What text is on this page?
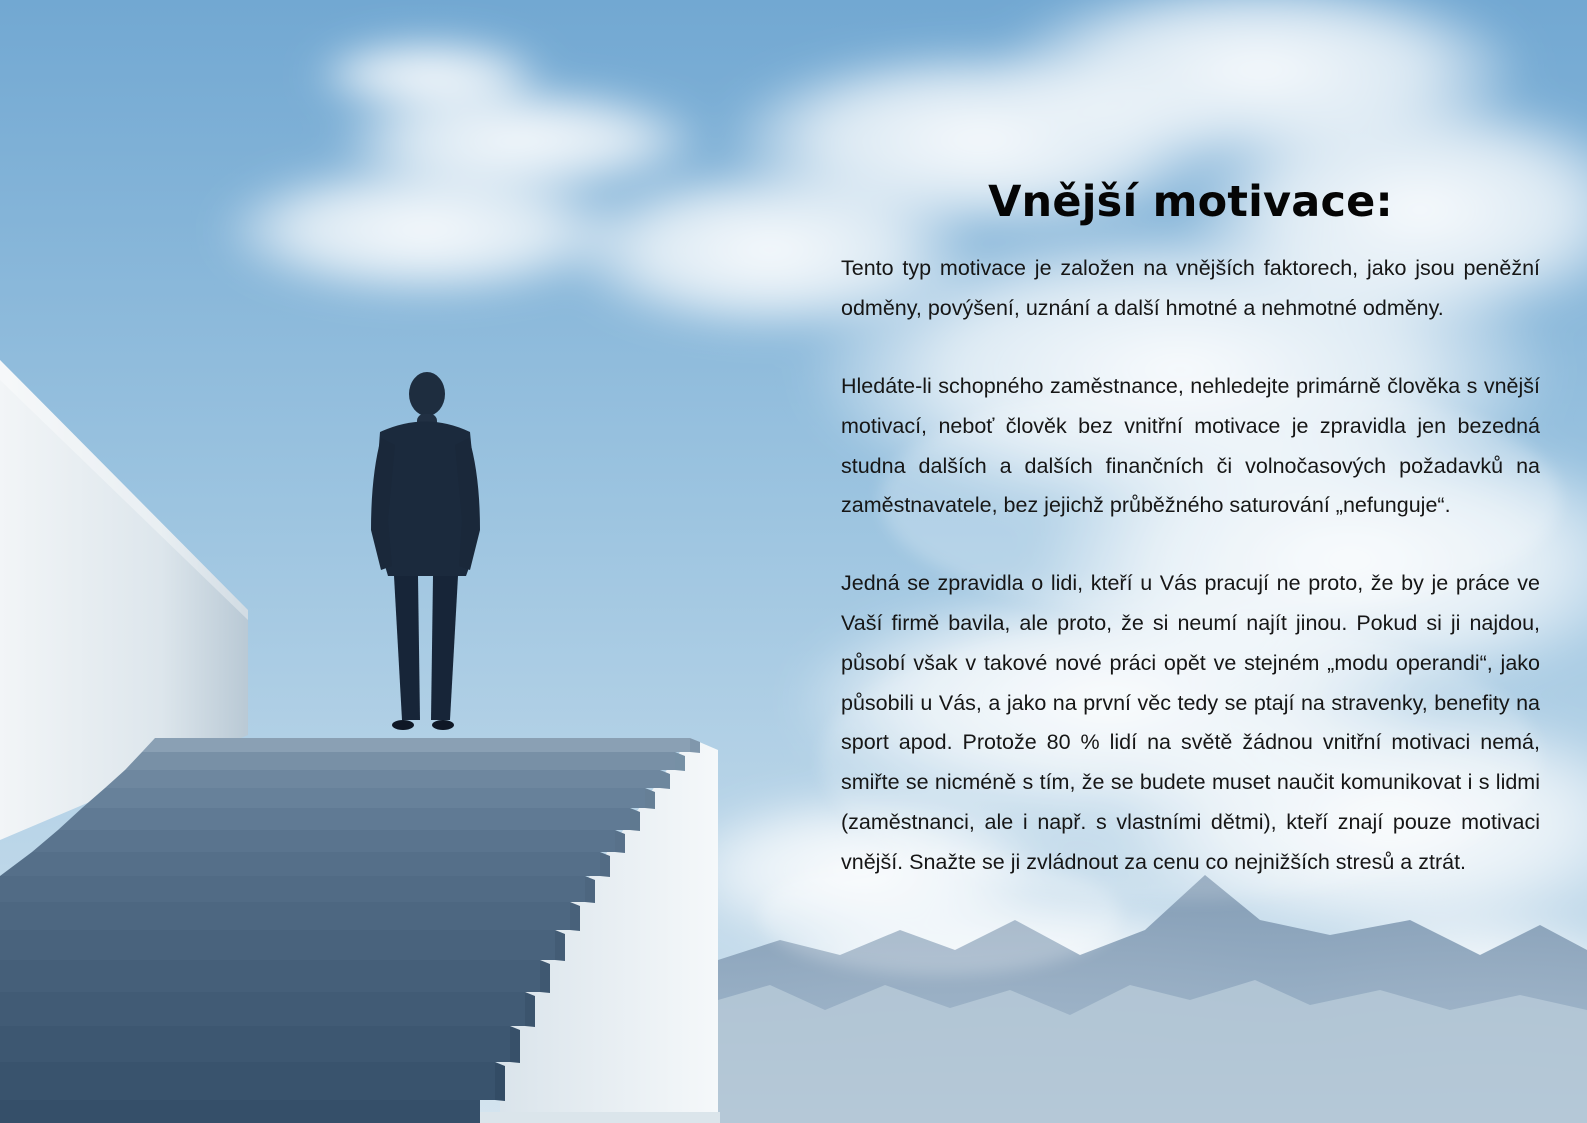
Vnější motivace:

Tento typ motivace je založen na vnějších faktorech, jako jsou peněžní odměny, povýšení, uznání a další hmotné a nehmotné odměny.

Hledáte-li schopného zaměstnance, nehledejte primárně člověka s vnější motivací, neboť člověk bez vnitřní motivace je zpravidla jen bezedná studna dalších a dalších finančních či volnočasových požadavků na zaměstnavatele, bez jejichž průběžného saturování „nefunguje“.

Jedná se zpravidla o lidi, kteří u Vás pracují ne proto, že by je práce ve Vaší firmě bavila, ale proto, že si neumí najít jinou. Pokud si ji najdou, působí však v takové nové práci opět ve stejném „modu operandi“, jako působili u Vás, a jako na první věc tedy se ptají na stravenky, benefity na sport apod. Protože 80 % lidí na světě žádnou vnitřní motivaci nemá, smiřte se nicméně s tím, že se budete muset naučit komunikovat i s lidmi (zaměstnanci, ale i např. s vlastními dětmi), kteří znají pouze motivaci vnější. Snažte se ji zvládnout za cenu co nejnižších stresů a ztrát.
